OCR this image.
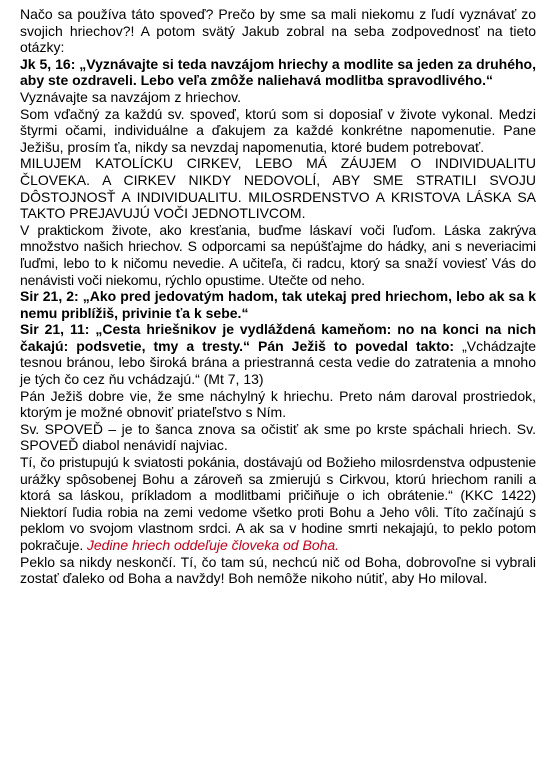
Načo sa používa táto spoveď? Prečo by sme sa mali niekomu z ľudí vyznávať zo svojich hriechov?! A potom svätý Jakub zobral na seba zodpovednosť na tieto otázky:

Jk 5, 16: „Vyznávajte si teda navzájom hriechy a modlite sa jeden za druhého, aby ste ozdraveli. Lebo veľa zmôže naliehavá modlitba spravodlivého.“

Vyznávajte sa navzájom z hriechov.

Som vďačný za každú sv. spoveď, ktorú som si doposiaľ v živote vykonal. Medzi štyrmi očami, individuálne a ďakujem za každé konkrétne napomenutie. Pane Ježišu, prosím ťa, nikdy sa nevzdaj napomenutia, ktoré budem potrebovať.

MILUJEM KATOLÍCKU CIRKEV, LEBO MÁ ZÁUJEM O INDIVIDUALITU ČLOVEKA. A CIRKEV NIKDY NEDOVOLÍ, ABY SME STRATILI SVOJU DÔSTOJNOSŤ A INDIVIDUALITU. MILOSRDENSTVO A KRISTOVA LÁSKA SA TAKTO PREJAVUJÚ VOČI JEDNOTLIVCOM.

V praktickom živote, ako kresťania, buďme láskaví voči ľuďom. Láska zakrýva množstvo našich hriechov. S odporcami sa nepúšťajme do hádky, ani s neveriacimi ľuďmi, lebo to k ničomu nevedie. A učiteľa, či radcu, ktorý sa snaží voviesť Vás do nenávisti voči niekomu, rýchlo opustime. Utečte od neho.

Sir 21, 2: „Ako pred jedovatým hadom, tak utekaj pred hriechom, lebo ak sa k nemu priblížiš, privinie ťa k sebe.“

Sir 21, 11: „Cesta hriešnikov je vydláždená kameňom: no na konci na nich čakajú: podsvetie, tmy a tresty.“ Pán Ježiš to povedal takto: „Vchádzajte tesnou bránou, lebo široká brána a priestranná cesta vedie do zatratenia a mnoho je tých čo cez ňu vchádzajú.“ (Mt 7, 13)

Pán Ježiš dobre vie, že sme náchylný k hriechu. Preto nám daroval prostriedok, ktorým je možné obnoviť priateľstvo s Ním.

Sv. SPOVEĎ – je to šanca znova sa očistiť ak sme po krste spáchali hriech. Sv. SPOVEĎ diabol nenávidí najviac.

Tí, čo pristupujú k sviatosti pokánia, dostávajú od Božieho milosrdenstva odpustenie urážky spôsobenej Bohu a zároveň sa zmierujú s Cirkvou, ktorú hriechom ranili a ktorá sa láskou, príkladom a modlitbami pričiňuje o ich obrátenie.“ (KKC 1422) Niektorí ľudia robia na zemi vedome všetko proti Bohu a Jeho vôli. Títo začínajú s peklom vo svojom vlastnom srdci. A ak sa v hodine smrti nekajajú, to peklo potom pokračuje. Jedine hriech oddeľuje človeka od Boha.

Peklo sa nikdy neskončí. Tí, čo tam sú, nechcú nič od Boha, dobrovoľne si vybrali zostať ďaleko od Boha a navždy! Boh nemôže nikoho nútiť, aby Ho miloval.
